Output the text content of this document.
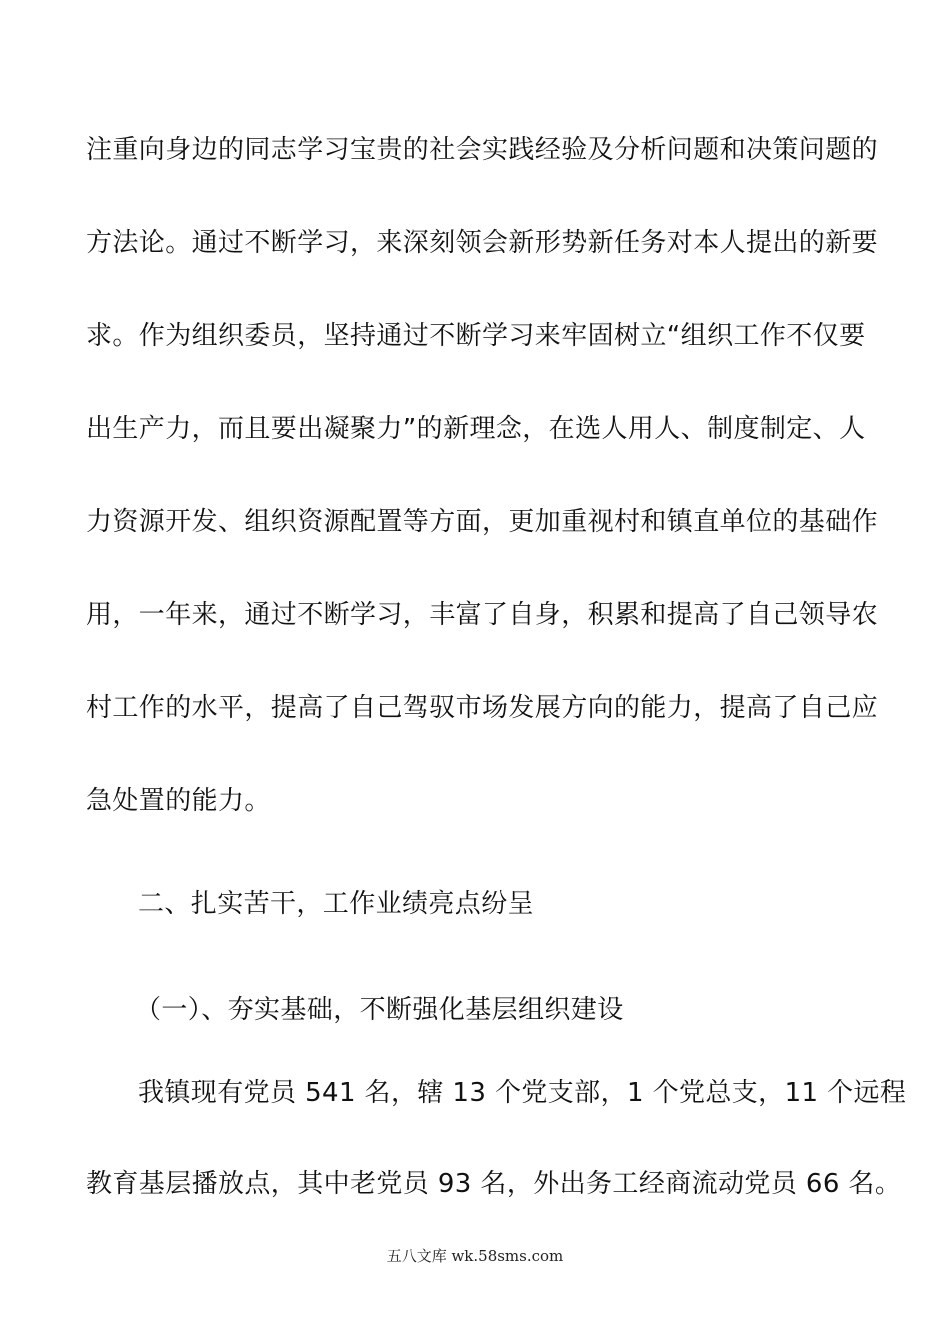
注重向身边的同志学习宝贵的社会实践经验及分析问题和决策问题的
方法论。通过不断学习，来深刻领会新形势新任务对本人提出的新要
求。作为组织委员，坚持通过不断学习来牢固树立“组织工作不仅要
出生产力，而且要出凝聚力”的新理念，在选人用人、制度制定、人
力资源开发、组织资源配置等方面，更加重视村和镇直单位的基础作
用，一年来，通过不断学习，丰富了自身，积累和提高了自己领导农
村工作的水平，提高了自己驾驭市场发展方向的能力，提高了自己应
急处置的能力。
二、扎实苦干，工作业绩亮点纷呈
（一）、夯实基础，不断强化基层组织建设
我镇现有党员 541 名，辖 13 个党支部，1 个党总支，11 个远程
教育基层播放点，其中老党员 93 名，外出务工经商流动党员 66 名。
五八文库 wk.58sms.com
